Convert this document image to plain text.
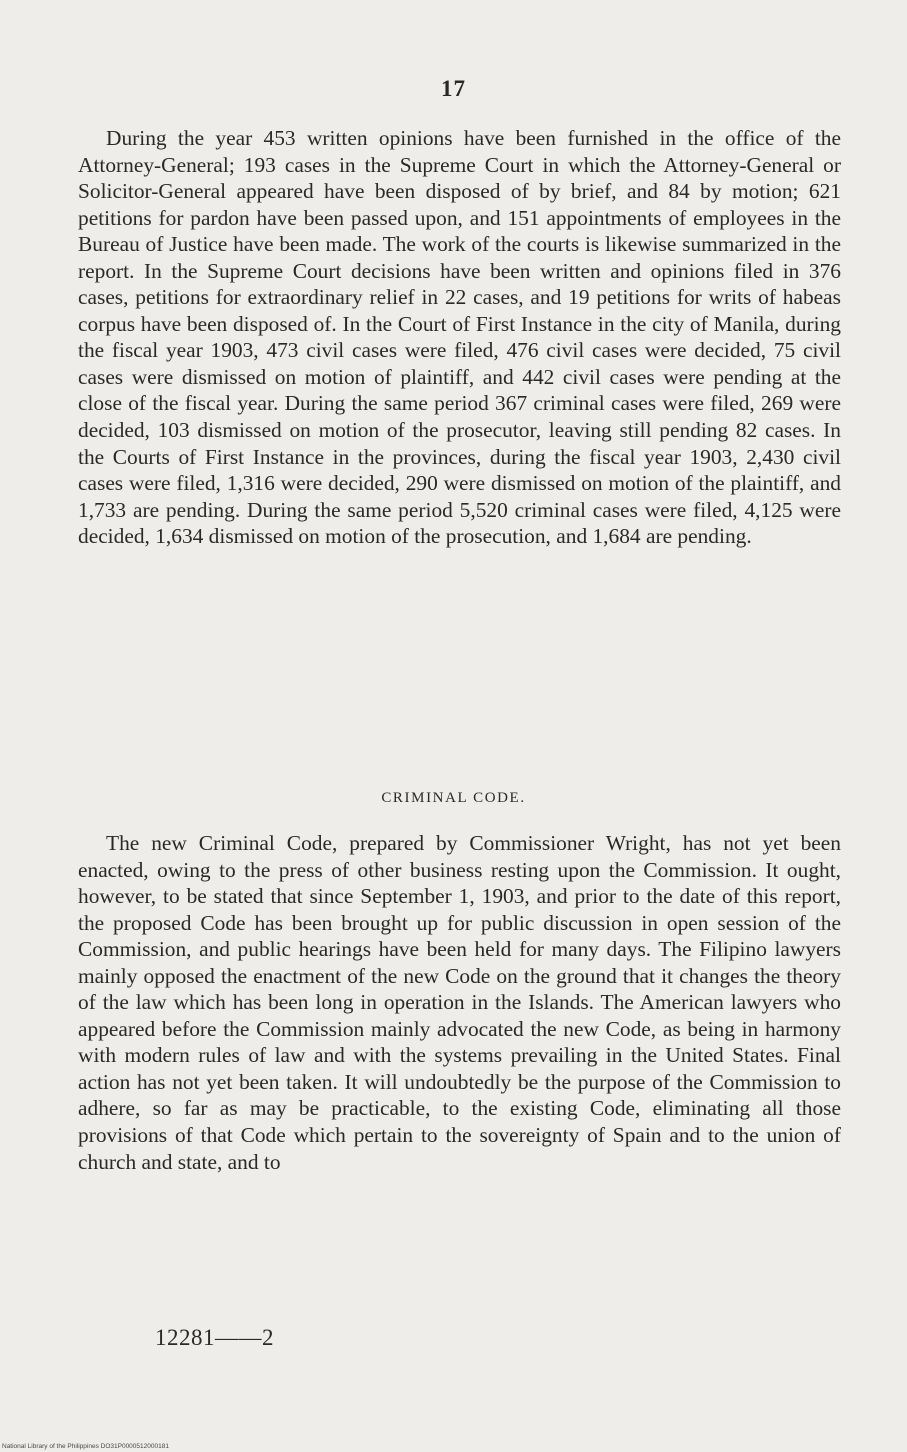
17
During the year 453 written opinions have been furnished in the office of the Attorney-General; 193 cases in the Supreme Court in which the Attorney-General or Solicitor-General appeared have been disposed of by brief, and 84 by motion; 621 petitions for pardon have been passed upon, and 151 appointments of employees in the Bureau of Justice have been made. The work of the courts is likewise summarized in the report. In the Supreme Court decisions have been written and opinions filed in 376 cases, petitions for extraordinary relief in 22 cases, and 19 petitions for writs of habeas corpus have been disposed of. In the Court of First Instance in the city of Manila, during the fiscal year 1903, 473 civil cases were filed, 476 civil cases were decided, 75 civil cases were dismissed on motion of plaintiff, and 442 civil cases were pending at the close of the fiscal year. During the same period 367 criminal cases were filed, 269 were decided, 103 dismissed on motion of the prosecutor, leaving still pending 82 cases. In the Courts of First Instance in the provinces, during the fiscal year 1903, 2,430 civil cases were filed, 1,316 were decided, 290 were dismissed on motion of the plaintiff, and 1,733 are pending. During the same period 5,520 criminal cases were filed, 4,125 were decided, 1,634 dismissed on motion of the prosecution, and 1,684 are pending.
CRIMINAL CODE.
The new Criminal Code, prepared by Commissioner Wright, has not yet been enacted, owing to the press of other business resting upon the Commission. It ought, however, to be stated that since September 1, 1903, and prior to the date of this report, the proposed Code has been brought up for public discussion in open session of the Commission, and public hearings have been held for many days. The Filipino lawyers mainly opposed the enactment of the new Code on the ground that it changes the theory of the law which has been long in operation in the Islands. The American lawyers who appeared before the Commission mainly advocated the new Code, as being in harmony with modern rules of law and with the systems prevailing in the United States. Final action has not yet been taken. It will undoubtedly be the purpose of the Commission to adhere, so far as may be practicable, to the existing Code, eliminating all those provisions of that Code which pertain to the sovereignty of Spain and to the union of church and state, and to
12281——2
National Library of the Philippines DO31P0000512000181
